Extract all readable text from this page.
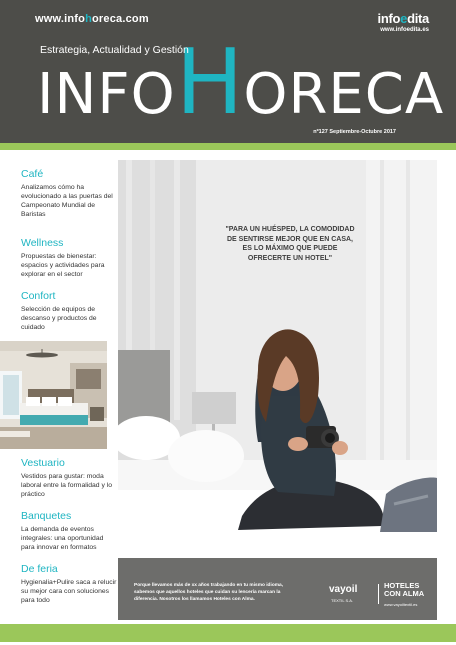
www.infohoreca.com	infoedita
www.infoedita.es
INFOHORECA
Estrategia, Actualidad y Gestión
nº127 Septiembre-Octubre 2017
Café
Analizamos cómo ha evolucionado a las puertas del Campeonato Mundial de Baristas
Wellness
Propuestas de bienestar: espacios y actividades para explorar en el sector
Confort
Selección de equipos de descanso y productos de cuidado
Vestuario
Vestidos para gustar: moda laboral entre la formalidad y lo práctico
Banquetes
La demanda de eventos integrales: una oportunidad para innovar en formatos
De feria
Hygienalia+Pulire saca a relucir su mejor cara con soluciones para todo
"PARA UN HUÉSPED, LA COMODIDAD DE SENTIRSE MEJOR QUE EN CASA, ES LO MÁXIMO QUE PUEDE OFRECERTE UN HOTEL"
Porque llevamos más de xx años trabajando en tu mismo idioma, sabemos que aquellos hoteles que cuidan su lencería marcan la diferencia. Nosotros los llamamos Hoteles con Alma.
vayoil
TEXTIL S.A.
HOTELES
CON ALMA
www.vayoiltextil.es
